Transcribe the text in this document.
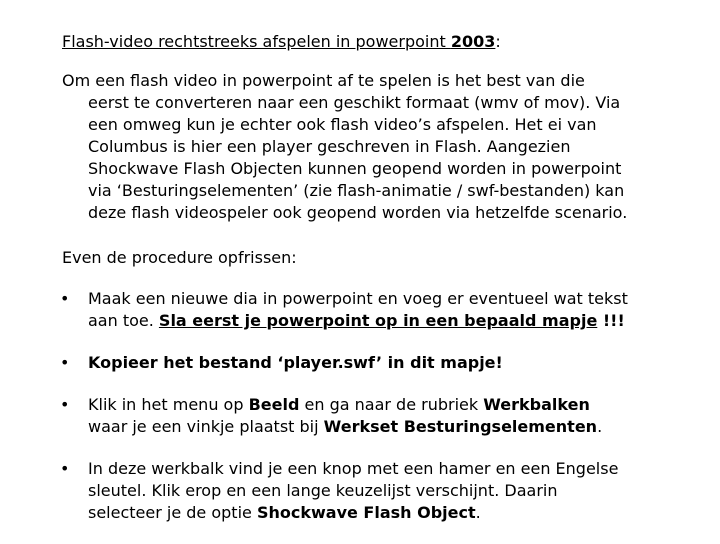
Flash-video rechtstreeks afspelen in powerpoint 2003:

Om een flash video in powerpoint af te spelen is het best van die
eerst te converteren naar een geschikt formaat (wmv of mov). Via
een omweg kun je echter ook flash video’s afspelen. Het ei van
Columbus is hier een player geschreven in Flash. Aangezien
Shockwave Flash Objecten kunnen geopend worden in powerpoint
via ‘Besturingselementen’ (zie flash-animatie / swf-bestanden) kan
deze flash videospeler ook geopend worden via hetzelfde scenario.

Even de procedure opfrissen:

• Maak een nieuwe dia in powerpoint en voeg er eventueel wat tekst
aan toe. Sla eerst je powerpoint op in een bepaald mapje !!!
• Kopieer het bestand ‘player.swf’ in dit mapje!
• Klik in het menu op Beeld en ga naar de rubriek Werkbalken
waar je een vinkje plaatst bij Werkset Besturingselementen.
• In deze werkbalk vind je een knop met een hamer en een Engelse
sleutel. Klik erop en een lange keuzelijst verschijnt. Daarin
selecteer je de optie Shockwave Flash Object.
